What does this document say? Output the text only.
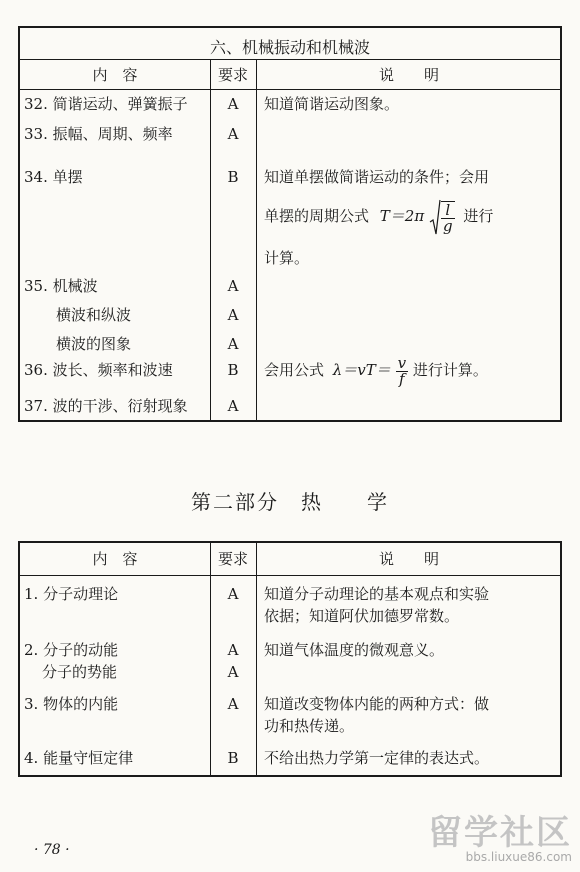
六、机械振动和机械波
内　容	要求	说　　明
32. 简谐运动、弹簧振子	A	知道简谐运动图象。
33. 振幅、周期、频率	A
34. 单摆	B	知道单摆做简谐运动的条件；会用
单摆的周期公式 $T=2\pi \frac{l}{g}$ 进行
计算。
35. 机械波	A
横波和纵波	A
横波的图象	A
36. 波长、频率和波速	B	会用公式 $\lambda=vT= \frac{v}{f}$ 进行计算。
37. 波的干涉、衍射现象	A
第二部分　热　　学
内　容	要求	说　　明
1. 分子动理论	A	知道分子动理论的基本观点和实验
依据；知道阿伏加德罗常数。
2. 分子的动能	A	知道气体温度的微观意义。
分子的势能	A
3. 物体的内能	A	知道改变物体内能的两种方式：做
功和热传递。
4. 能量守恒定律	B	不给出热力学第一定律的表达式。
· 78 ·	留学社区
bbs.liuxue86.com
